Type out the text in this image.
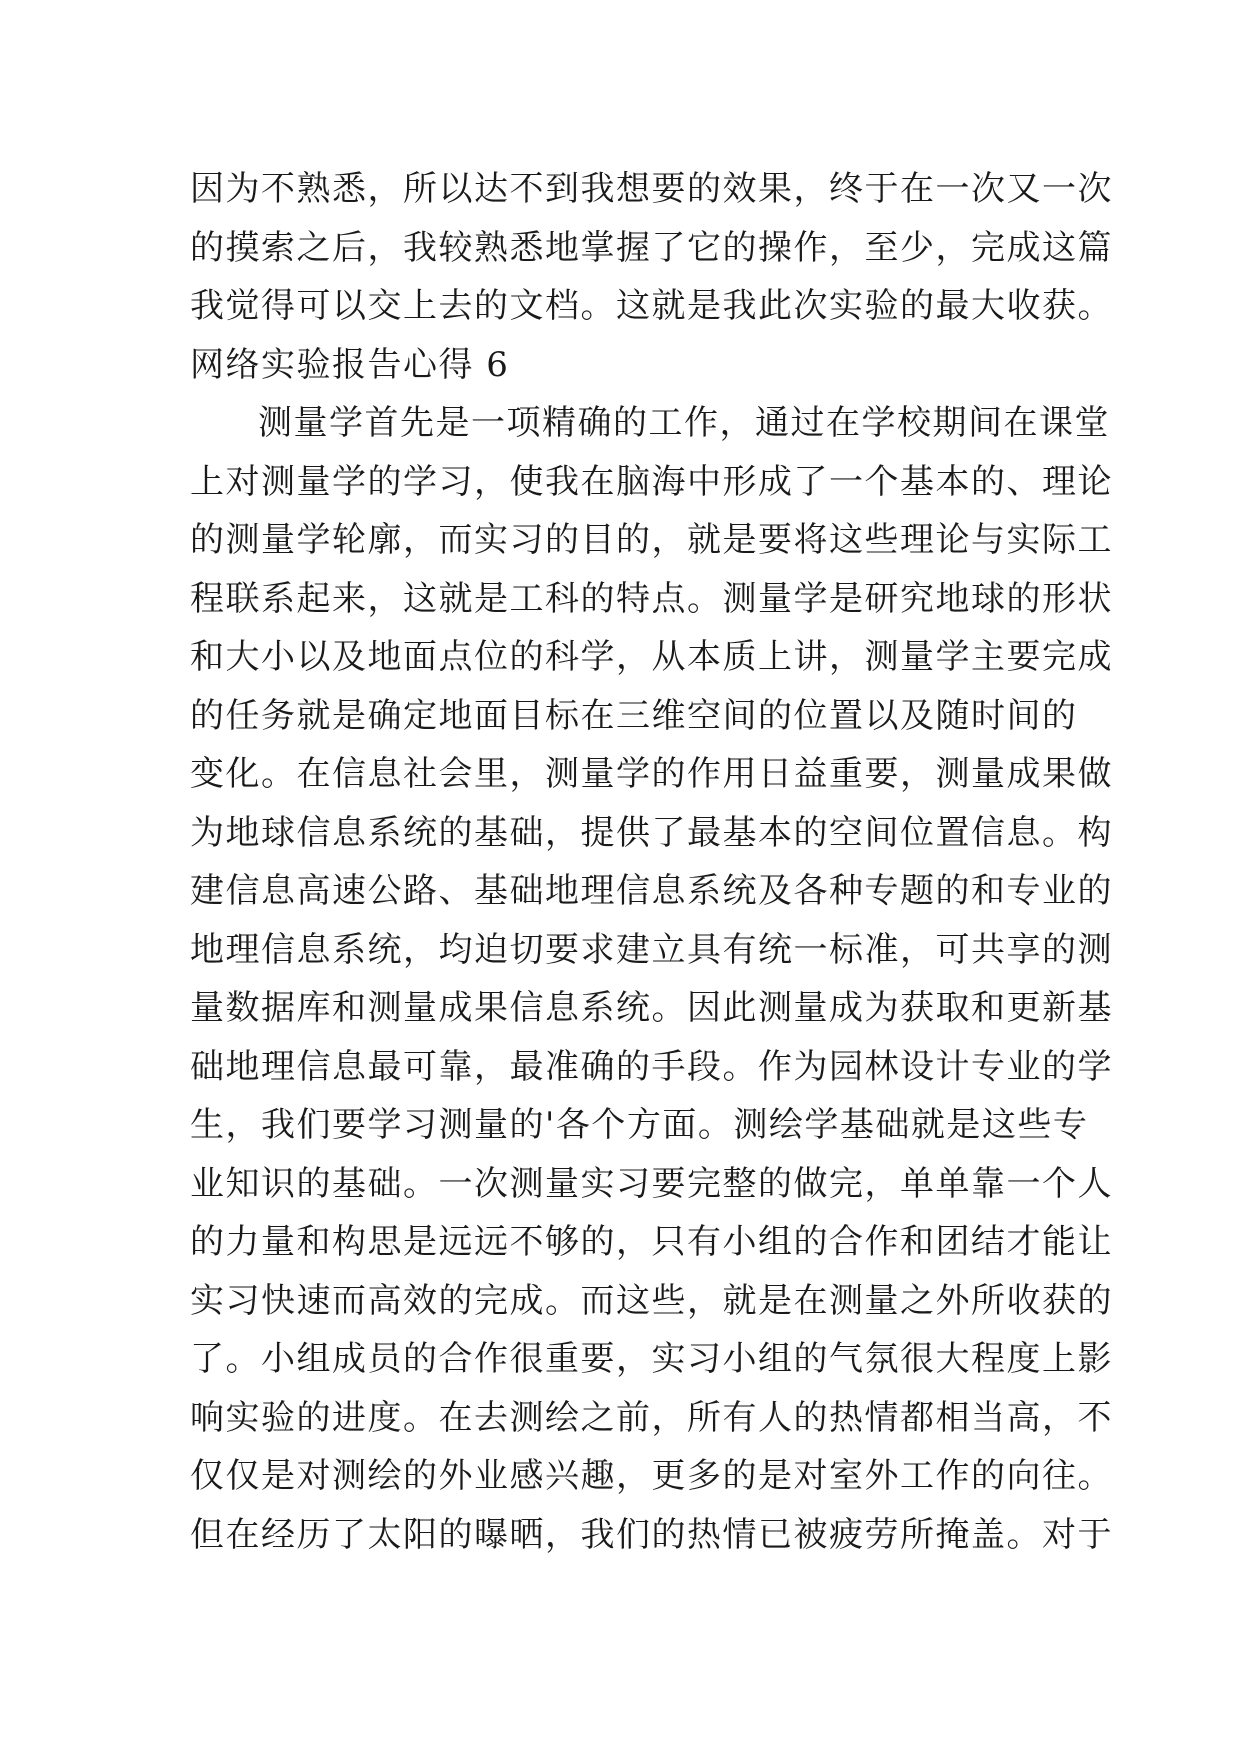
因为不熟悉，所以达不到我想要的效果，终于在一次又一次
的摸索之后，我较熟悉地掌握了它的操作，至少，完成这篇
我觉得可以交上去的文档。这就是我此次实验的最大收获。
网络实验报告心得 6
测量学首先是一项精确的工作，通过在学校期间在课堂
上对测量学的学习，使我在脑海中形成了一个基本的、理论
的测量学轮廓，而实习的目的，就是要将这些理论与实际工
程联系起来，这就是工科的特点。测量学是研究地球的形状
和大小以及地面点位的科学，从本质上讲，测量学主要完成
的任务就是确定地面目标在三维空间的位置以及随时间的
变化。在信息社会里，测量学的作用日益重要，测量成果做
为地球信息系统的基础，提供了最基本的空间位置信息。构
建信息高速公路、基础地理信息系统及各种专题的和专业的
地理信息系统，均迫切要求建立具有统一标准，可共享的测
量数据库和测量成果信息系统。因此测量成为获取和更新基
础地理信息最可靠，最准确的手段。作为园林设计专业的学
生，我们要学习测量的'各个方面。测绘学基础就是这些专
业知识的基础。一次测量实习要完整的做完，单单靠一个人
的力量和构思是远远不够的，只有小组的合作和团结才能让
实习快速而高效的完成。而这些，就是在测量之外所收获的
了。小组成员的合作很重要，实习小组的气氛很大程度上影
响实验的进度。在去测绘之前，所有人的热情都相当高，不
仅仅是对测绘的外业感兴趣，更多的是对室外工作的向往。
但在经历了太阳的曝晒，我们的热情已被疲劳所掩盖。对于
